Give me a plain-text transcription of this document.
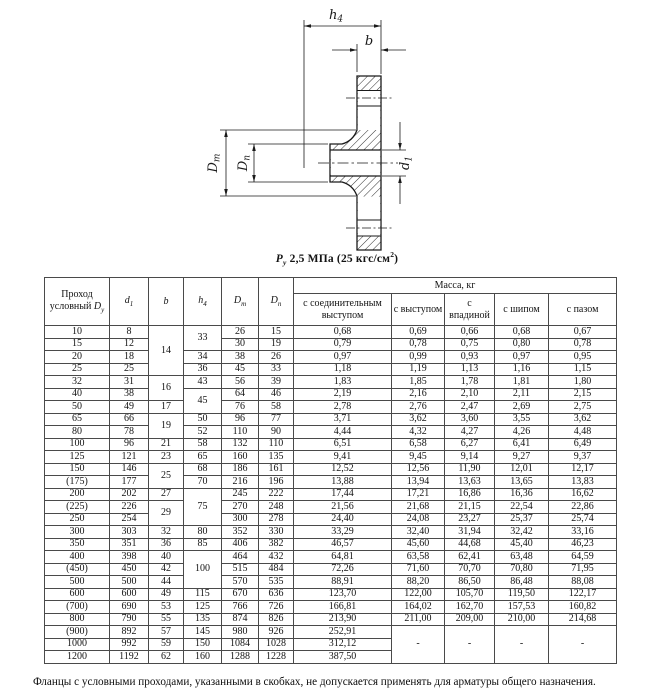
h4
b
Dm
Dn
d1
$P_у$ 2,5 МПа (25 кгс/$см^2$)
Проход условный $D_у$	$d_1$	b	$h_4$	$D_m$	$D_n$	Масса, кг				
						с соединительным выступом	с выступом	с впадиной	с шипом	с пазом
10	8	14	33	26	15	0,68	0,69	0,66	0,68	0,67
15	12			30	19	0,79	0,78	0,75	0,80	0,78
20	18		34	38	26	0,97	0,99	0,93	0,97	0,95
25	25		36	45	33	1,18	1,19	1,13	1,16	1,15
32	31	16	43	56	39	1,83	1,85	1,78	1,81	1,80
40	38		45	64	46	2,19	2,16	2,10	2,11	2,15
50	49	17		76	58	2,78	2,76	2,47	2,69	2,75
65	66	19	50	96	77	3,71	3,62	3,60	3,55	3,62
80	78		52	110	90	4,44	4,32	4,27	4,26	4,48
100	96	21	58	132	110	6,51	6,58	6,27	6,41	6,49
125	121	23	65	160	135	9,41	9,45	9,14	9,27	9,37
150	146	25	68	186	161	12,52	12,56	11,90	12,01	12,17
(175)	177		70	216	196	13,88	13,94	13,63	13,65	13,83
200	202	27	75	245	222	17,44	17,21	16,86	16,36	16,62
(225)	226	29		270	248	21,56	21,68	21,15	22,54	22,86
250	254			300	278	24,40	24,08	23,27	25,37	25,74
300	303	32	80	352	330	33,29	32,40	31,94	32,42	33,16
350	351	36	85	406	382	46,57	45,60	44,68	45,40	46,23
400	398	40	100	464	432	64,81	63,58	62,41	63,48	64,59
(450)	450	42		515	484	72,26	71,60	70,70	70,80	71,95
500	500	44		570	535	88,91	88,20	86,50	86,48	88,08
600	600	49	115	670	636	123,70	122,00	105,70	119,50	122,17
(700)	690	53	125	766	726	166,81	164,02	162,70	157,53	160,82
800	790	55	135	874	826	213,90	211,00	209,00	210,00	214,68
(900)	892	57	145	980	926	252,91	-	-	-	-
1000	992	59	150	1084	1028	312,12				
1200	1192	62	160	1288	1228	387,50				
Фланцы с условными проходами, указанными в скобках, не допускается применять для арматуры общего назначения.
